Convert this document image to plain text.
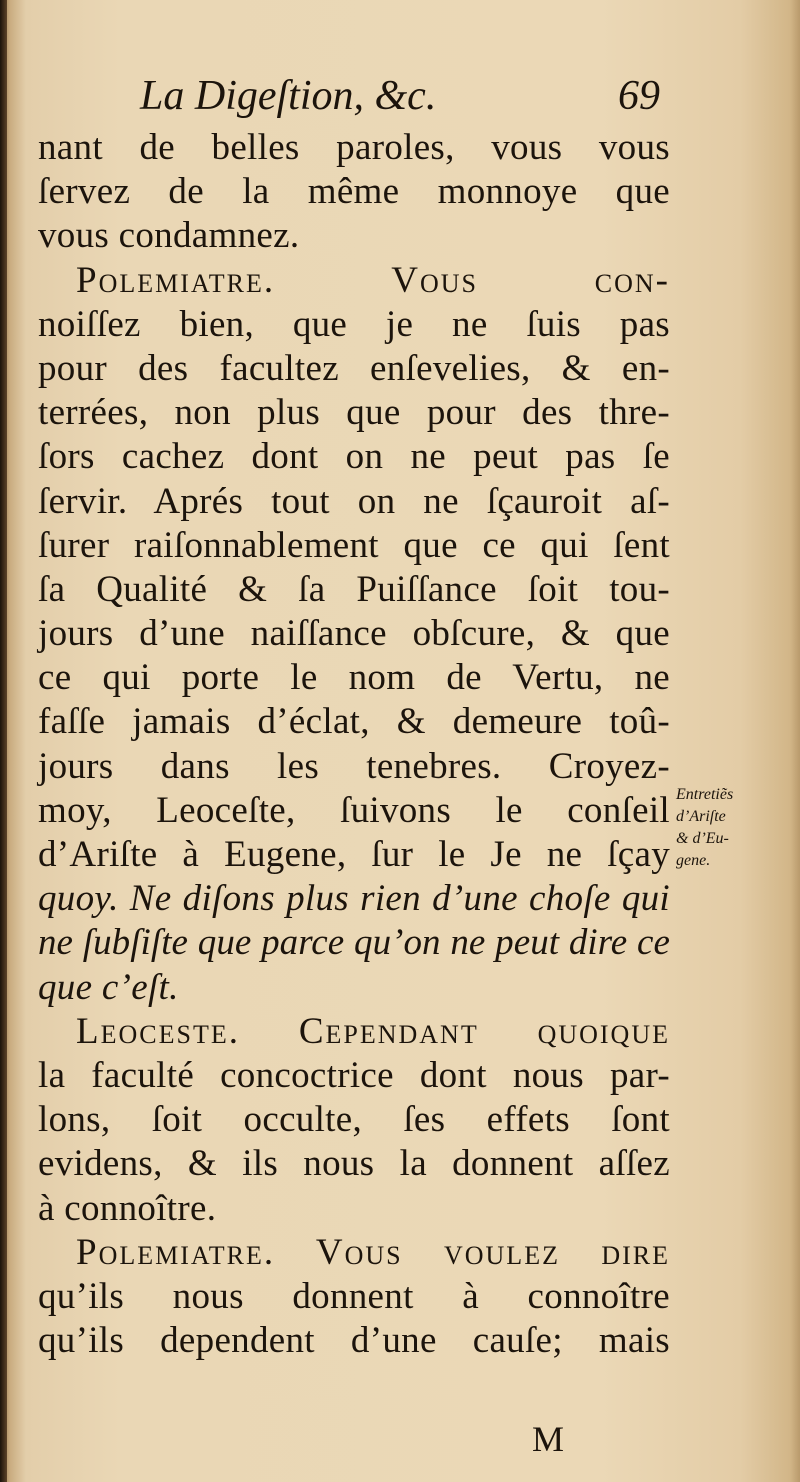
La Digeſtion, &c.	69
nant de belles paroles, vous vous
ſervez de la même monnoye que
vous condamnez.
Polemiatre. Vous con-
noiſſez bien, que je ne ſuis pas
pour des facultez enſevelies, & en-
terrées, non plus que pour des thre-
ſors cachez dont on ne peut pas ſe
ſervir. Aprés tout on ne ſçauroit aſ-
ſurer raiſonnablement que ce qui ſent
ſa Qualité & ſa Puiſſance ſoit tou-
jours d’une naiſſance obſcure, & que
ce qui porte le nom de Vertu, ne
faſſe jamais d’éclat, & demeure toû-
jours dans les tenebres. Croyez-
moy, Leoceſte, ſuivons le conſeil
d’Ariſte à Eugene, ſur le Je ne ſçay
quoy. Ne diſons plus rien d’une choſe qui
ne ſubſiſte que parce qu’on ne peut dire ce
que c’eſt.
Leoceste. Cependant quoique
la faculté concoctrice dont nous par-
lons, ſoit occulte, ſes effets ſont
evidens, & ils nous la donnent aſſez
à connoître.
Polemiatre. Vous voulez dire
qu’ils nous donnent à connoître
qu’ils dependent d’une cauſe; mais
Entretiẽs
d’Ariſte
& d’Eu-
gene.
M
